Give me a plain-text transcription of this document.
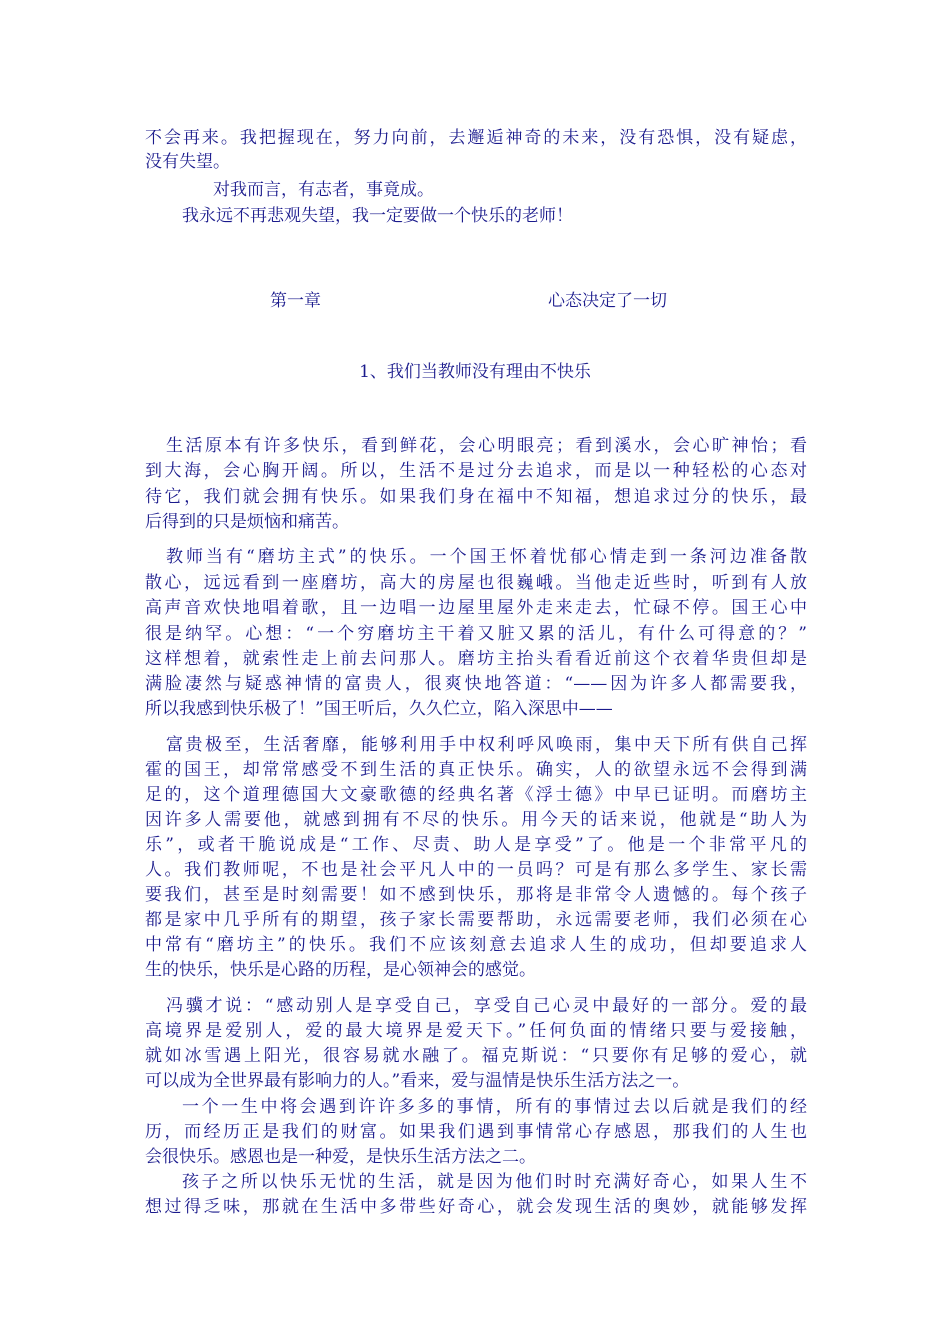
不会再来。我把握现在，努力向前，去邂逅神奇的未来，没有恐惧，没有疑虑，
没有失望。
对我而言，有志者，事竟成。
我永远不再悲观失望，我一定要做一个快乐的老师！
第一章	心态决定了一切
1、我们当教师没有理由不快乐
生活原本有许多快乐，看到鲜花，会心明眼亮；看到溪水，会心旷神怡；看
到大海，会心胸开阔。所以，生活不是过分去追求，而是以一种轻松的心态对
待它，我们就会拥有快乐。如果我们身在福中不知福，想追求过分的快乐，最
后得到的只是烦恼和痛苦。
教师当有“磨坊主式”的快乐。一个国王怀着忧郁心情走到一条河边准备散
散心，远远看到一座磨坊，高大的房屋也很巍峨。当他走近些时，听到有人放
高声音欢快地唱着歌，且一边唱一边屋里屋外走来走去，忙碌不停。国王心中
很是纳罕。心想：“一个穷磨坊主干着又脏又累的活儿，有什么可得意的？”
这样想着，就索性走上前去问那人。磨坊主抬头看看近前这个衣着华贵但却是
满脸凄然与疑惑神情的富贵人，很爽快地答道：“——因为许多人都需要我，
所以我感到快乐极了！”国王听后，久久伫立，陷入深思中——
富贵极至，生活奢靡，能够利用手中权利呼风唤雨，集中天下所有供自己挥
霍的国王，却常常感受不到生活的真正快乐。确实，人的欲望永远不会得到满
足的，这个道理德国大文豪歌德的经典名著《浮士德》中早已证明。而磨坊主
因许多人需要他，就感到拥有不尽的快乐。用今天的话来说，他就是“助人为
乐”，或者干脆说成是“工作、尽责、助人是享受”了。他是一个非常平凡的
人。我们教师呢，不也是社会平凡人中的一员吗？可是有那么多学生、家长需
要我们，甚至是时刻需要！如不感到快乐，那将是非常令人遗憾的。每个孩子
都是家中几乎所有的期望，孩子家长需要帮助，永远需要老师，我们必须在心
中常有“磨坊主”的快乐。我们不应该刻意去追求人生的成功，但却要追求人
生的快乐，快乐是心路的历程，是心领神会的感觉。
冯骥才说：“感动别人是享受自己，享受自己心灵中最好的一部分。爱的最
高境界是爱别人，爱的最大境界是爱天下。”任何负面的情绪只要与爱接触，
就如冰雪遇上阳光，很容易就水融了。福克斯说：“只要你有足够的爱心，就
可以成为全世界最有影响力的人。”看来，爱与温情是快乐生活方法之一。
一个一生中将会遇到许许多多的事情，所有的事情过去以后就是我们的经
历，而经历正是我们的财富。如果我们遇到事情常心存感恩，那我们的人生也
会很快乐。感恩也是一种爱，是快乐生活方法之二。
孩子之所以快乐无忧的生活，就是因为他们时时充满好奇心，如果人生不
想过得乏味，那就在生活中多带些好奇心，就会发现生活的奥妙，就能够发挥
